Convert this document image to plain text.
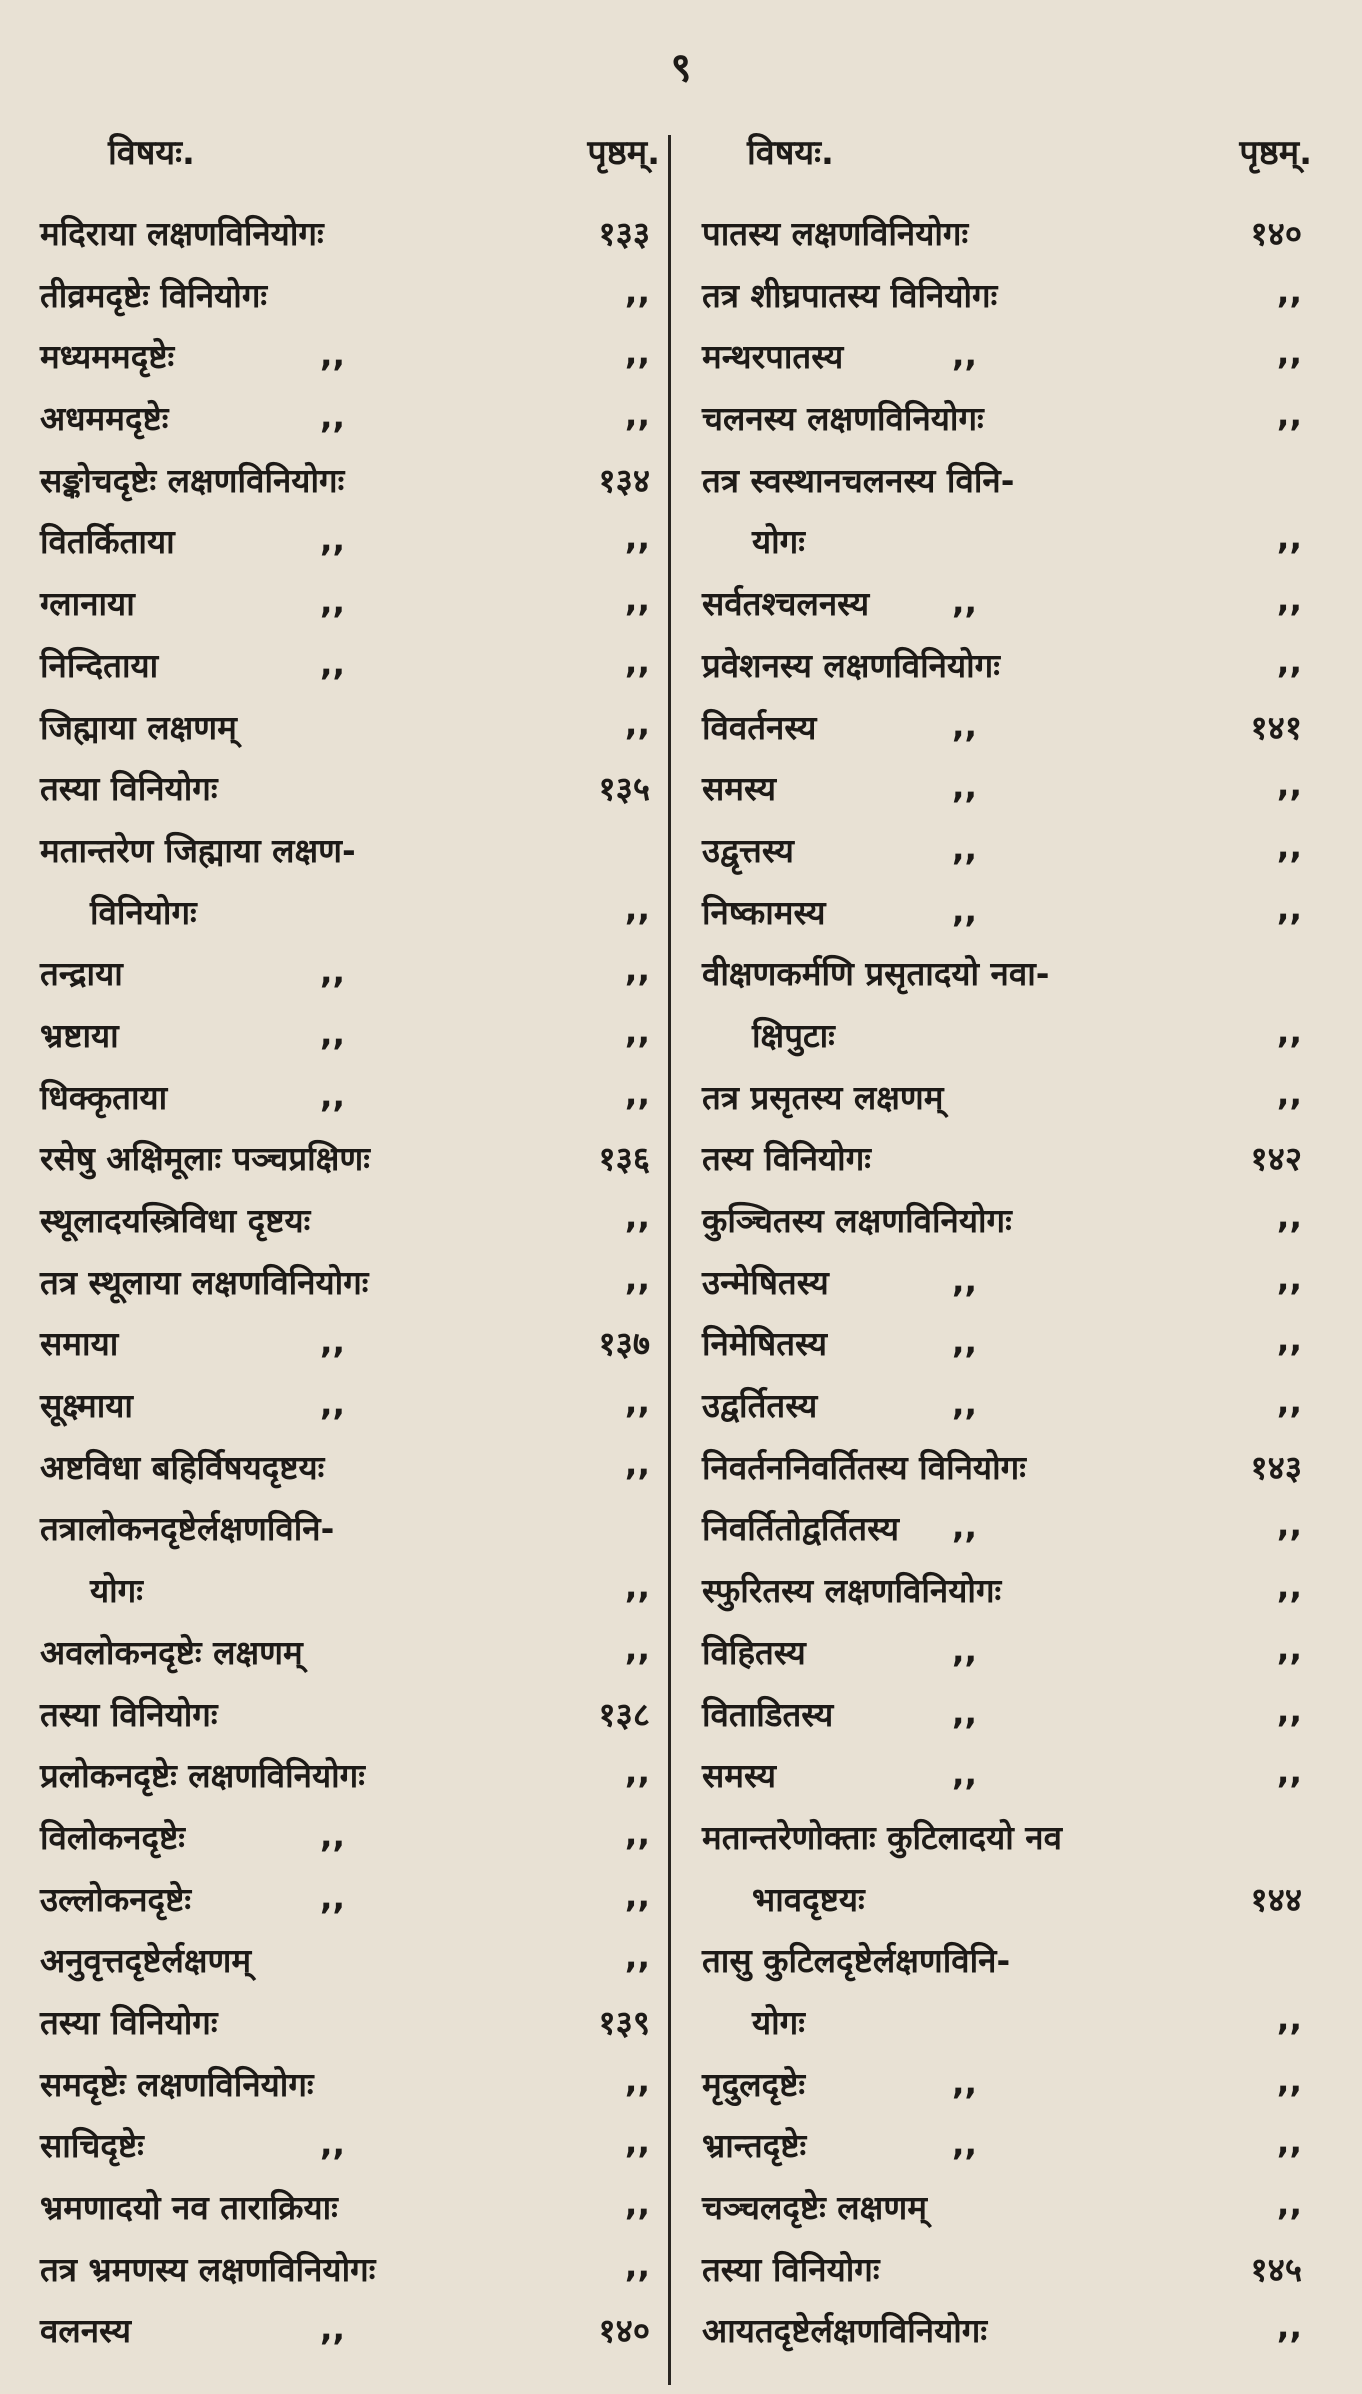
९
विषयः.	पृष्ठम्.
मदिराया लक्षणविनियोगः	१३३
तीव्रमदृष्टेः विनियोगः	,,
मध्यममदृष्टेः	,,	,,
अधममदृष्टेः	,,	,,
सङ्कोचदृष्टेः लक्षणविनियोगः	१३४
वितर्किताया	,,	,,
ग्लानाया	,,	,,
निन्दिताया	,,	,,
जिह्माया लक्षणम्	,,
तस्या विनियोगः	१३५
मतान्तरेण जिह्माया लक्षण-
विनियोगः	,,
तन्द्राया	,,	,,
भ्रष्टाया	,,	,,
धिक्कृताया	,,	,,
रसेषु अक्षिमूलाः पञ्चप्रक्षिणः	१३६
स्थूलादयस्त्रिविधा दृष्टयः	,,
तत्र स्थूलाया लक्षणविनियोगः	,,
समाया	,,	१३७
सूक्ष्माया	,,	,,
अष्टविधा बहिर्विषयदृष्टयः	,,
तत्रालोकनदृष्टेर्लक्षणविनि-
योगः	,,
अवलोकनदृष्टेः लक्षणम्	,,
तस्या विनियोगः	१३८
प्रलोकनदृष्टेः लक्षणविनियोगः	,,
विलोकनदृष्टेः	,,	,,
उल्लोकनदृष्टेः	,,	,,
अनुवृत्तदृष्टेर्लक्षणम्	,,
तस्या विनियोगः	१३९
समदृष्टेः लक्षणविनियोगः	,,
साचिदृष्टेः	,,	,,
भ्रमणादयो नव ताराक्रियाः	,,
तत्र भ्रमणस्य लक्षणविनियोगः	,,
वलनस्य	,,	१४०
विषयः.	पृष्ठम्.
पातस्य लक्षणविनियोगः	१४०
तत्र शीघ्रपातस्य विनियोगः	,,
मन्थरपातस्य	,,	,,
चलनस्य लक्षणविनियोगः	,,
तत्र स्वस्थानचलनस्य विनि-
योगः	,,
सर्वतश्चलनस्य	,,	,,
प्रवेशनस्य लक्षणविनियोगः	,,
विवर्तनस्य	,,	१४१
समस्य	,,	,,
उद्वृत्तस्य	,,	,,
निष्कामस्य	,,	,,
वीक्षणकर्मणि प्रसृतादयो नवा-
क्षिपुटाः	,,
तत्र प्रसृतस्य लक्षणम्	,,
तस्य विनियोगः	१४२
कुञ्चितस्य लक्षणविनियोगः	,,
उन्मेषितस्य	,,	,,
निमेषितस्य	,,	,,
उद्वर्तितस्य	,,	,,
निवर्तननिवर्तितस्य विनियोगः	१४३
निवर्तितोद्वर्तितस्य ,,	,,
स्फुरितस्य लक्षणविनियोगः	,,
विहितस्य	,,	,,
विताडितस्य	,,	,,
समस्य	,,	,,
मतान्तरेणोक्ताः कुटिलादयो नव
भावदृष्टयः	१४४
तासु कुटिलदृष्टेर्लक्षणविनि-
योगः	,,
मृदुलदृष्टेः	,,	,,
भ्रान्तदृष्टेः	,,	,,
चञ्चलदृष्टेः लक्षणम्	,,
तस्या विनियोगः	१४५
आयतदृष्टेर्लक्षणविनियोगः	,,
